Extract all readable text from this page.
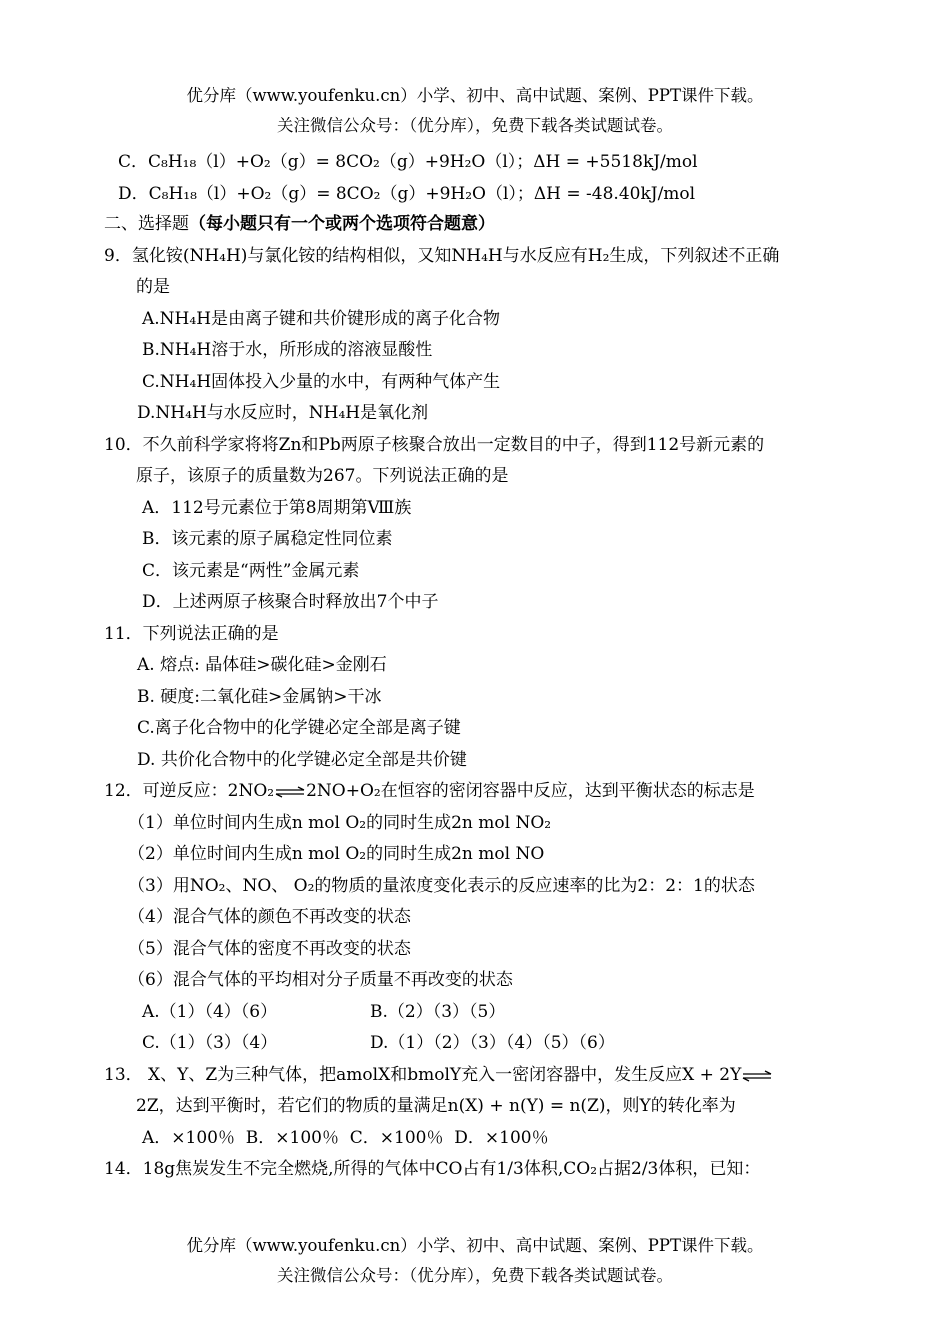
优分库（www.youfenku.cn）小学、初中、高中试题、案例、PPT课件下载。
关注微信公众号：（优分库），免费下载各类试题试卷。
C．C₈H₁₈（l）+O₂（g）= 8CO₂（g）+9H₂O（l）；ΔH = +5518kJ/mol
D．C₈H₁₈（l）+O₂（g）= 8CO₂（g）+9H₂O（l）；ΔH = -48.40kJ/mol
二、选择题（每小题只有一个或两个选项符合题意）
9．氢化铵(NH₄H)与氯化铵的结构相似，又知NH₄H与水反应有H₂生成，下列叙述不正确
的是
A.NH₄H是由离子键和共价键形成的离子化合物
B.NH₄H溶于水，所形成的溶液显酸性
C.NH₄H固体投入少量的水中，有两种气体产生
D.NH₄H与水反应时，NH₄H是氧化剂
10．不久前科学家将将Zn和Pb两原子核聚合放出一定数目的中子，得到112号新元素的
原子，该原子的质量数为267。下列说法正确的是
A．112号元素位于第8周期第Ⅷ族
B．该元素的原子属稳定性同位素
C．该元素是“两性”金属元素
D．上述两原子核聚合时释放出7个中子
11．下列说法正确的是
A. 熔点: 晶体硅>碳化硅>金刚石
B. 硬度:二氧化硅>金属钠>干冰
C.离子化合物中的化学键必定全部是离子键
D. 共价化合物中的化学键必定全部是共价键
12．可逆反应：2NO₂⇌2NO+O₂在恒容的密闭容器中反应，达到平衡状态的标志是
（1）单位时间内生成n mol O₂的同时生成2n mol NO₂
（2）单位时间内生成n mol O₂的同时生成2n mol NO
（3）用NO₂、NO、 O₂的物质的量浓度变化表示的反应速率的比为2：2：1的状态
（4）混合气体的颜色不再改变的状态
（5）混合气体的密度不再改变的状态
（6）混合气体的平均相对分子质量不再改变的状态
A.（1）（4）（6）	B.（2）（3）（5）
C.（1）（3）（4）	D.（1）（2）（3）（4）（5）（6）
13． X、Y、Z为三种气体，把amolX和bmolY充入一密闭容器中，发生反应X + 2Y⇌
2Z，达到平衡时，若它们的物质的量满足n(X) + n(Y) = n(Z)，则Y的转化率为
A．×100％  B．×100％  C．×100％  D．×100％
14．18g焦炭发生不完全燃烧,所得的气体中CO占有1/3体积,CO₂占据2/3体积，已知：
优分库（www.youfenku.cn）小学、初中、高中试题、案例、PPT课件下载。
关注微信公众号：（优分库），免费下载各类试题试卷。
